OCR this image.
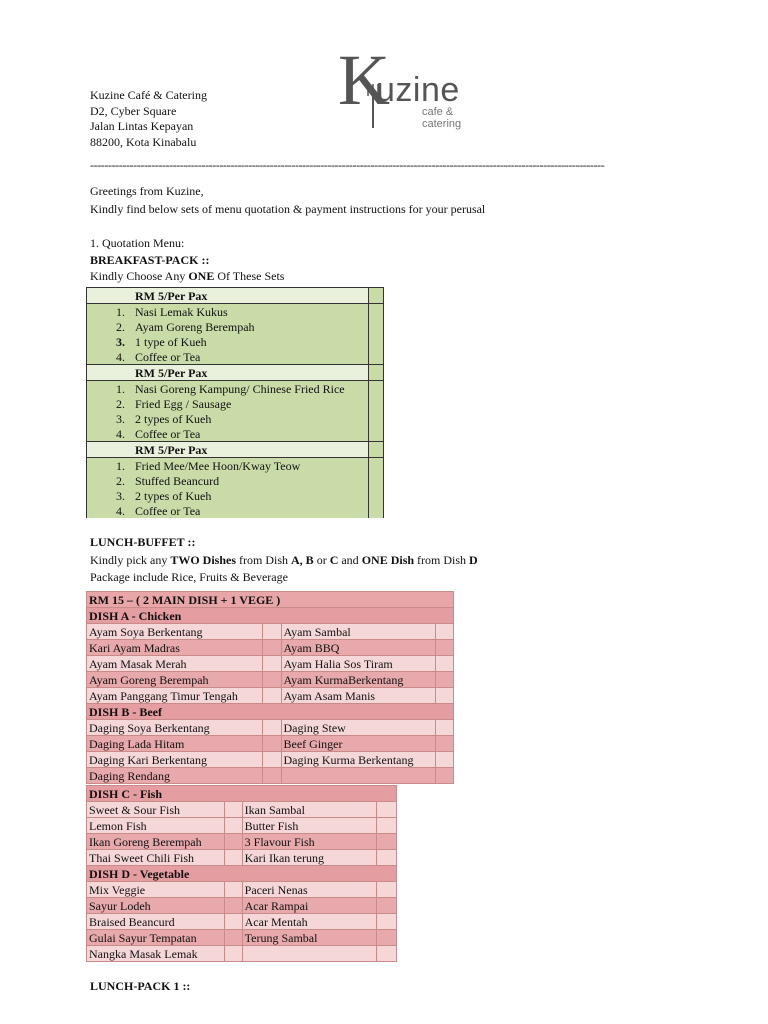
Kuzine Café & Catering
D2, Cyber Square
Jalan Lintas Kepayan
88200, Kota Kinabalu
K
uzine
cafe & catering
-----------------------------------------------------------------------------------------------------------------------------------------------
Greetings from Kuzine,
Kindly find below sets of menu quotation & payment instructions for your perusal
1. Quotation Menu:
BREAKFAST-PACK ::
Kindly Choose Any ONE Of These Sets
RM 5/Per Pax	
1. Nasi Lemak Kukus	
2. Ayam Goreng Berempah	
3. 1 type of Kueh	
4. Coffee or Tea	
RM 5/Per Pax	
1. Nasi Goreng Kampung/ Chinese Fried Rice	
2. Fried Egg / Sausage	
3. 2 types of Kueh	
4. Coffee or Tea	
RM 5/Per Pax	
1. Fried Mee/Mee Hoon/Kway Teow	
2. Stuffed Beancurd	
3. 2 types of Kueh	
4. Coffee or Tea	
LUNCH-BUFFET ::
Kindly pick any TWO Dishes from Dish A, B or C and ONE Dish from Dish D
Package include Rice, Fruits & Beverage
RM 15 – ( 2 MAIN DISH + 1 VEGE )			
DISH A - Chicken			
Ayam Soya Berkentang		Ayam Sambal	
Kari Ayam Madras		Ayam BBQ	
Ayam Masak Merah		Ayam Halia Sos Tiram	
Ayam Goreng Berempah		Ayam KurmaBerkentang	
Ayam Panggang Timur Tengah		Ayam Asam Manis	
DISH B - Beef			
Daging Soya Berkentang		Daging Stew	
Daging Lada Hitam		Beef Ginger	
Daging Kari Berkentang		Daging Kurma Berkentang	
Daging Rendang			
DISH C - Fish			
Sweet & Sour Fish		Ikan Sambal	
Lemon Fish		Butter Fish	
Ikan Goreng Berempah		3 Flavour Fish	
Thai Sweet Chili Fish		Kari Ikan terung	
DISH D - Vegetable			
Mix Veggie		Paceri Nenas	
Sayur Lodeh		Acar Rampai	
Braised Beancurd		Acar Mentah	
Gulai Sayur Tempatan		Terung Sambal	
Nangka Masak Lemak			
LUNCH-PACK 1 ::
